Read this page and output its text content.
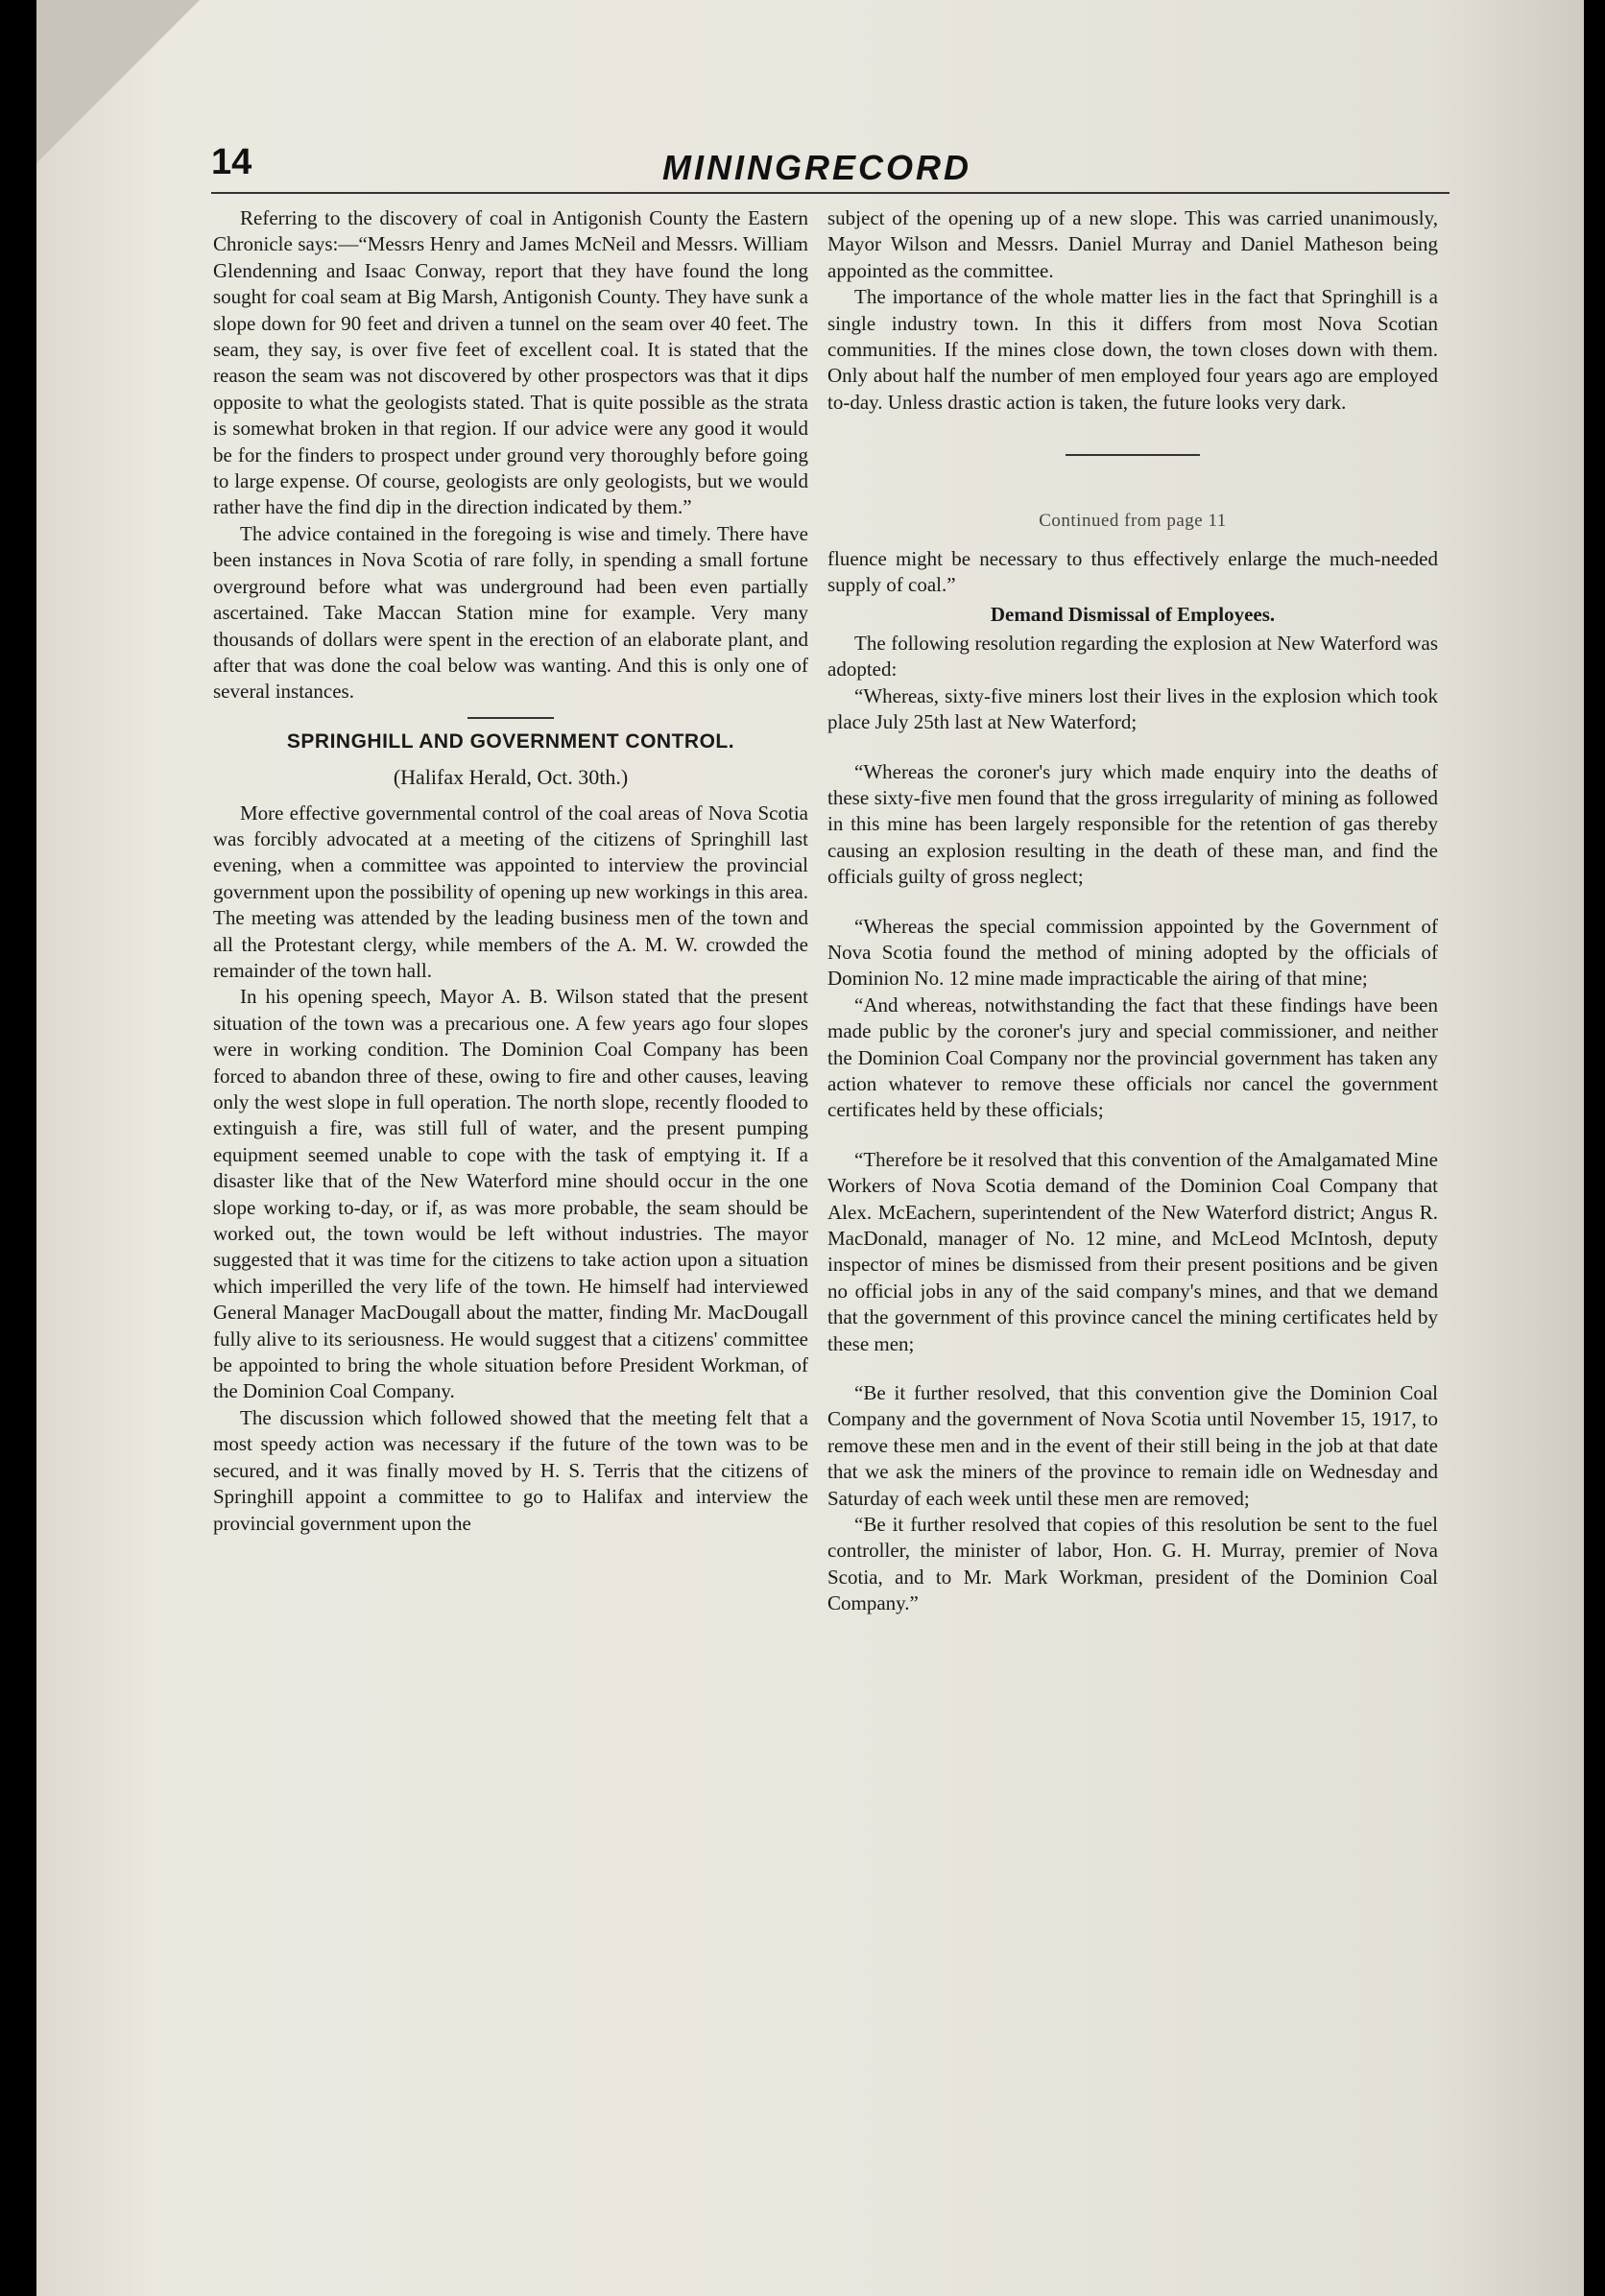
14	MININGRECORD

Referring to the discovery of coal in Antigonish County the Eastern Chronicle says:—“Messrs Henry and James McNeil and Messrs. William Glendenning and Isaac Conway, report that they have found the long sought for coal seam at Big Marsh, Antigonish County. They have sunk a slope down for 90 feet and driven a tunnel on the seam over 40 feet. The seam, they say, is over five feet of excellent coal. It is stated that the reason the seam was not discovered by other prospectors was that it dips opposite to what the geologists stated. That is quite possible as the strata is somewhat broken in that region. If our advice were any good it would be for the finders to prospect under ground very thoroughly before going to large expense. Of course, geologists are only geologists, but we would rather have the find dip in the direction indicated by them.”

The advice contained in the foregoing is wise and timely. There have been instances in Nova Scotia of rare folly, in spending a small fortune overground before what was underground had been even partially ascertained. Take Maccan Station mine for example. Very many thousands of dollars were spent in the erection of an elaborate plant, and after that was done the coal below was wanting. And this is only one of several instances.

SPRINGHILL AND GOVERNMENT CONTROL.

(Halifax Herald, Oct. 30th.)

More effective governmental control of the coal areas of Nova Scotia was forcibly advocated at a meeting of the citizens of Springhill last evening, when a committee was appointed to interview the provincial government upon the possibility of opening up new workings in this area. The meeting was attended by the leading business men of the town and all the Protestant clergy, while members of the A. M. W. crowded the remainder of the town hall.

In his opening speech, Mayor A. B. Wilson stated that the present situation of the town was a precarious one. A few years ago four slopes were in working condition. The Dominion Coal Company has been forced to abandon three of these, owing to fire and other causes, leaving only the west slope in full operation. The north slope, recently flooded to extinguish a fire, was still full of water, and the present pumping equipment seemed unable to cope with the task of emptying it. If a disaster like that of the New Waterford mine should occur in the one slope working to-day, or if, as was more probable, the seam should be worked out, the town would be left without industries. The mayor suggested that it was time for the citizens to take action upon a situation which imperilled the very life of the town. He himself had interviewed General Manager MacDougall about the matter, finding Mr. MacDougall fully alive to its seriousness. He would suggest that a citizens' committee be appointed to bring the whole situation before President Workman, of the Dominion Coal Company.

The discussion which followed showed that the meeting felt that a most speedy action was necessary if the future of the town was to be secured, and it was finally moved by H. S. Terris that the citizens of Springhill appoint a committee to go to Halifax and interview the provincial government upon the

subject of the opening up of a new slope. This was carried unanimously, Mayor Wilson and Messrs. Daniel Murray and Daniel Matheson being appointed as the committee.

The importance of the whole matter lies in the fact that Springhill is a single industry town. In this it differs from most Nova Scotian communities. If the mines close down, the town closes down with them. Only about half the number of men employed four years ago are employed to-day. Unless drastic action is taken, the future looks very dark.

Continued from page 11

fluence might be necessary to thus effectively enlarge the much-needed supply of coal.”

Demand Dismissal of Employees.

The following resolution regarding the explosion at New Waterford was adopted:

“Whereas, sixty-five miners lost their lives in the explosion which took place July 25th last at New Waterford;

“Whereas the coroner's jury which made enquiry into the deaths of these sixty-five men found that the gross irregularity of mining as followed in this mine has been largely responsible for the retention of gas thereby causing an explosion resulting in the death of these man, and find the officials guilty of gross neglect;

“Whereas the special commission appointed by the Government of Nova Scotia found the method of mining adopted by the officials of Dominion No. 12 mine made impracticable the airing of that mine;

“And whereas, notwithstanding the fact that these findings have been made public by the coroner's jury and special commissioner, and neither the Dominion Coal Company nor the provincial government has taken any action whatever to remove these officials nor cancel the government certificates held by these officials;

“Therefore be it resolved that this convention of the Amalgamated Mine Workers of Nova Scotia demand of the Dominion Coal Company that Alex. McEachern, superintendent of the New Waterford district; Angus R. MacDonald, manager of No. 12 mine, and McLeod McIntosh, deputy inspector of mines be dismissed from their present positions and be given no official jobs in any of the said company's mines, and that we demand that the government of this province cancel the mining certificates held by these men;

“Be it further resolved, that this convention give the Dominion Coal Company and the government of Nova Scotia until November 15, 1917, to remove these men and in the event of their still being in the job at that date that we ask the miners of the province to remain idle on Wednesday and Saturday of each week until these men are removed;

“Be it further resolved that copies of this resolution be sent to the fuel controller, the minister of labor, Hon. G. H. Murray, premier of Nova Scotia, and to Mr. Mark Workman, president of the Dominion Coal Company.”
